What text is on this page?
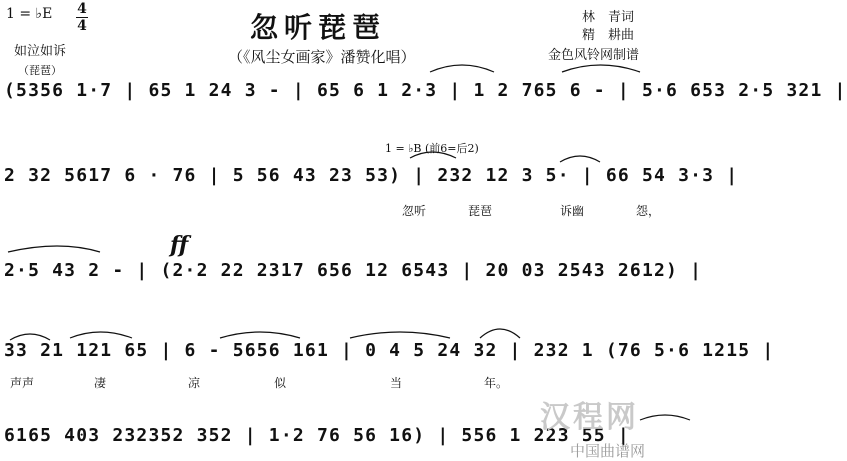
1 = ♭E 4
4	忽听琵琶
（《风尘女画家》潘赞化唱）
如泣如诉
（琵琶）
林　青词
精　耕曲
金色风铃网制谱
(5356 1·7 | 65 1 24 3 - | 65 6 1 2·3 | 1 2 765 6 - | 5·6 653 2·5 321 |
1 = ♭B (前6=后2)
2 32 5617 6 · 76 | 5 56 43 23 53) | 232 12 3 5· | 66 54 3·3 |
忽听	琵琶	诉幽	怨，
ff
2·5 43 2 - | (2·2 22 2317 656 12 6543 | 20 03 2543 2612) |
33 21 121 65 | 6 - 5656 161 | 0 4 5 24 32 | 232 1 (76 5·6 1215 |
声声	凄	凉	似	当	年。
6165 403 232352 352 | 1·2 76 56 16) | 556 1 223 55 |
汉程网
中国曲谱网
